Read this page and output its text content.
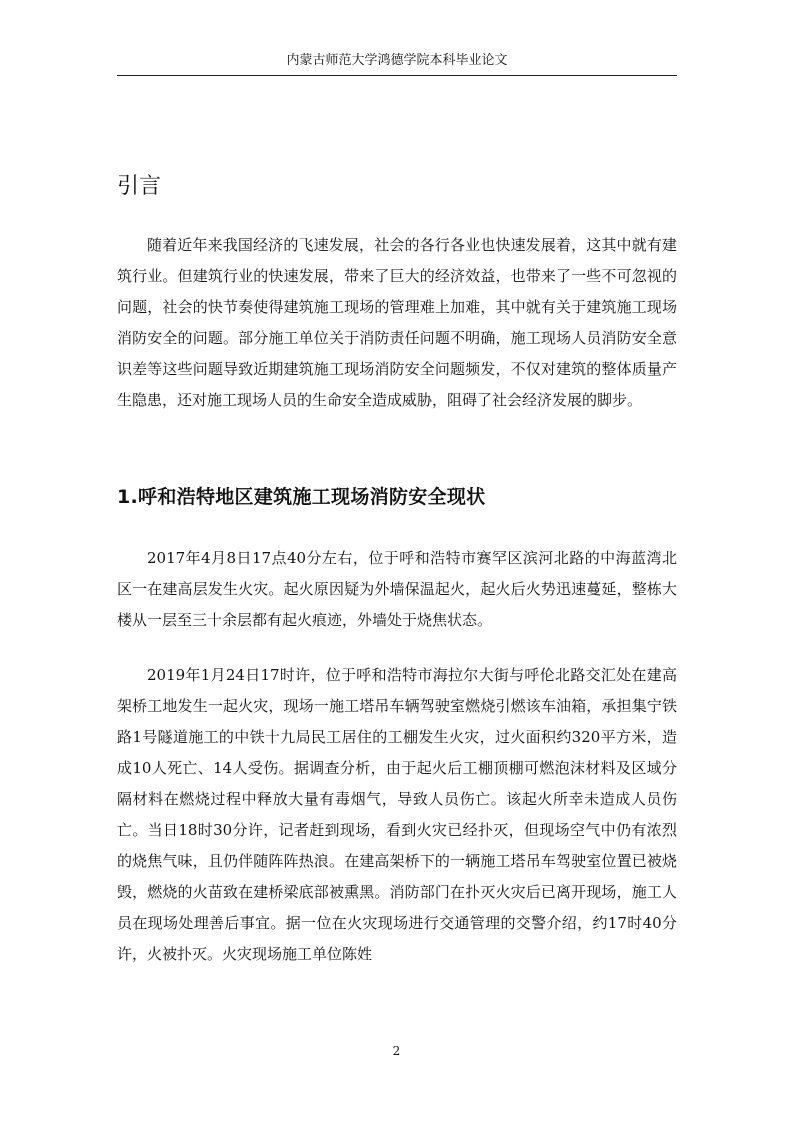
内蒙古师范大学鸿德学院本科毕业论文
引言

随着近年来我国经济的飞速发展，社会的各行各业也快速发展着，这其中就有建筑行业。但建筑行业的快速发展，带来了巨大的经济效益，也带来了一些不可忽视的问题，社会的快节奏使得建筑施工现场的管理难上加难，其中就有关于建筑施工现场消防安全的问题。部分施工单位关于消防责任问题不明确，施工现场人员消防安全意识差等这些问题导致近期建筑施工现场消防安全问题频发，不仅对建筑的整体质量产生隐患，还对施工现场人员的生命安全造成威胁，阻碍了社会经济发展的脚步。

1.呼和浩特地区建筑施工现场消防安全现状

2017年4月8日17点40分左右，位于呼和浩特市赛罕区滨河北路的中海蓝湾北区一在建高层发生火灾。起火原因疑为外墙保温起火，起火后火势迅速蔓延，整栋大楼从一层至三十余层都有起火痕迹，外墙处于烧焦状态。

2019年1月24日17时许，位于呼和浩特市海拉尔大街与呼伦北路交汇处在建高架桥工地发生一起火灾，现场一施工塔吊车辆驾驶室燃烧引燃该车油箱，承担集宁铁路1号隧道施工的中铁十九局民工居住的工棚发生火灾，过火面积约320平方米，造成10人死亡、14人受伤。据调查分析，由于起火后工棚顶棚可燃泡沫材料及区域分隔材料在燃烧过程中释放大量有毒烟气，导致人员伤亡。该起火所幸未造成人员伤亡。当日18时30分许，记者赶到现场，看到火灾已经扑灭，但现场空气中仍有浓烈的烧焦气味，且仍伴随阵阵热浪。在建高架桥下的一辆施工塔吊车驾驶室位置已被烧毁，燃烧的火苗致在建桥梁底部被熏黑。消防部门在扑灭火灾后已离开现场，施工人员在现场处理善后事宜。据一位在火灾现场进行交通管理的交警介绍，约17时40分许，火被扑灭。火灾现场施工单位陈姓

2
